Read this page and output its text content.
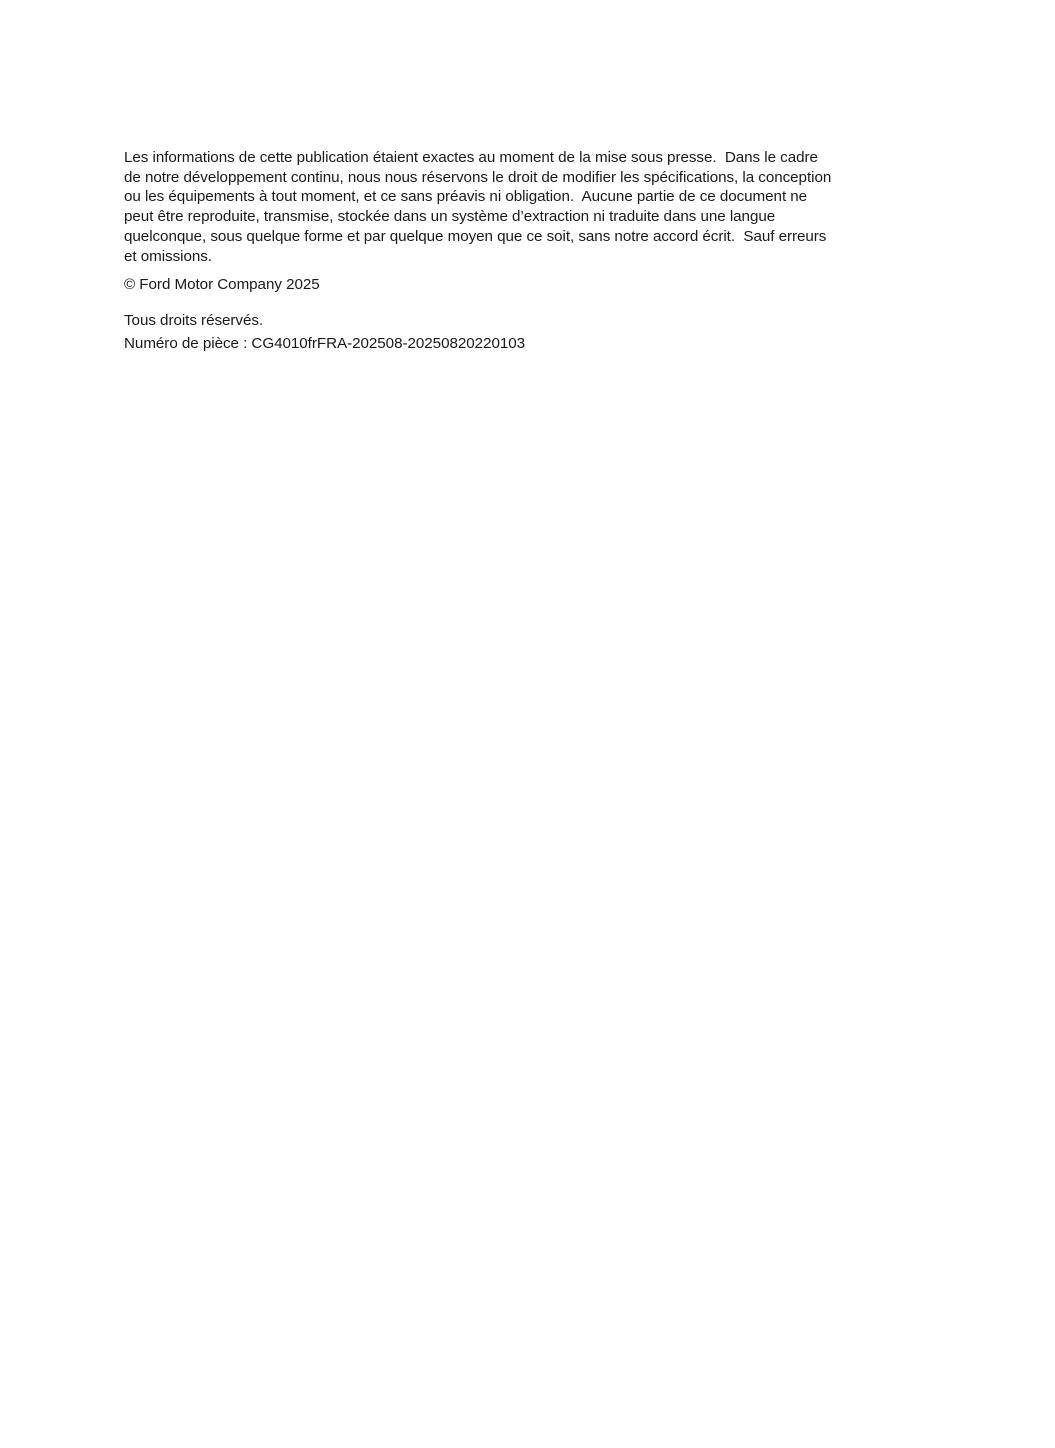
Les informations de cette publication étaient exactes au moment de la mise sous presse.  Dans le cadre
de notre développement continu, nous nous réservons le droit de modifier les spécifications, la conception
ou les équipements à tout moment, et ce sans préavis ni obligation.  Aucune partie de ce document ne
peut être reproduite, transmise, stockée dans un système d’extraction ni traduite dans une langue
quelconque, sous quelque forme et par quelque moyen que ce soit, sans notre accord écrit.  Sauf erreurs
et omissions.
© Ford Motor Company 2025
Tous droits réservés.
Numéro de pièce : CG4010frFRA-202508-20250820220103
